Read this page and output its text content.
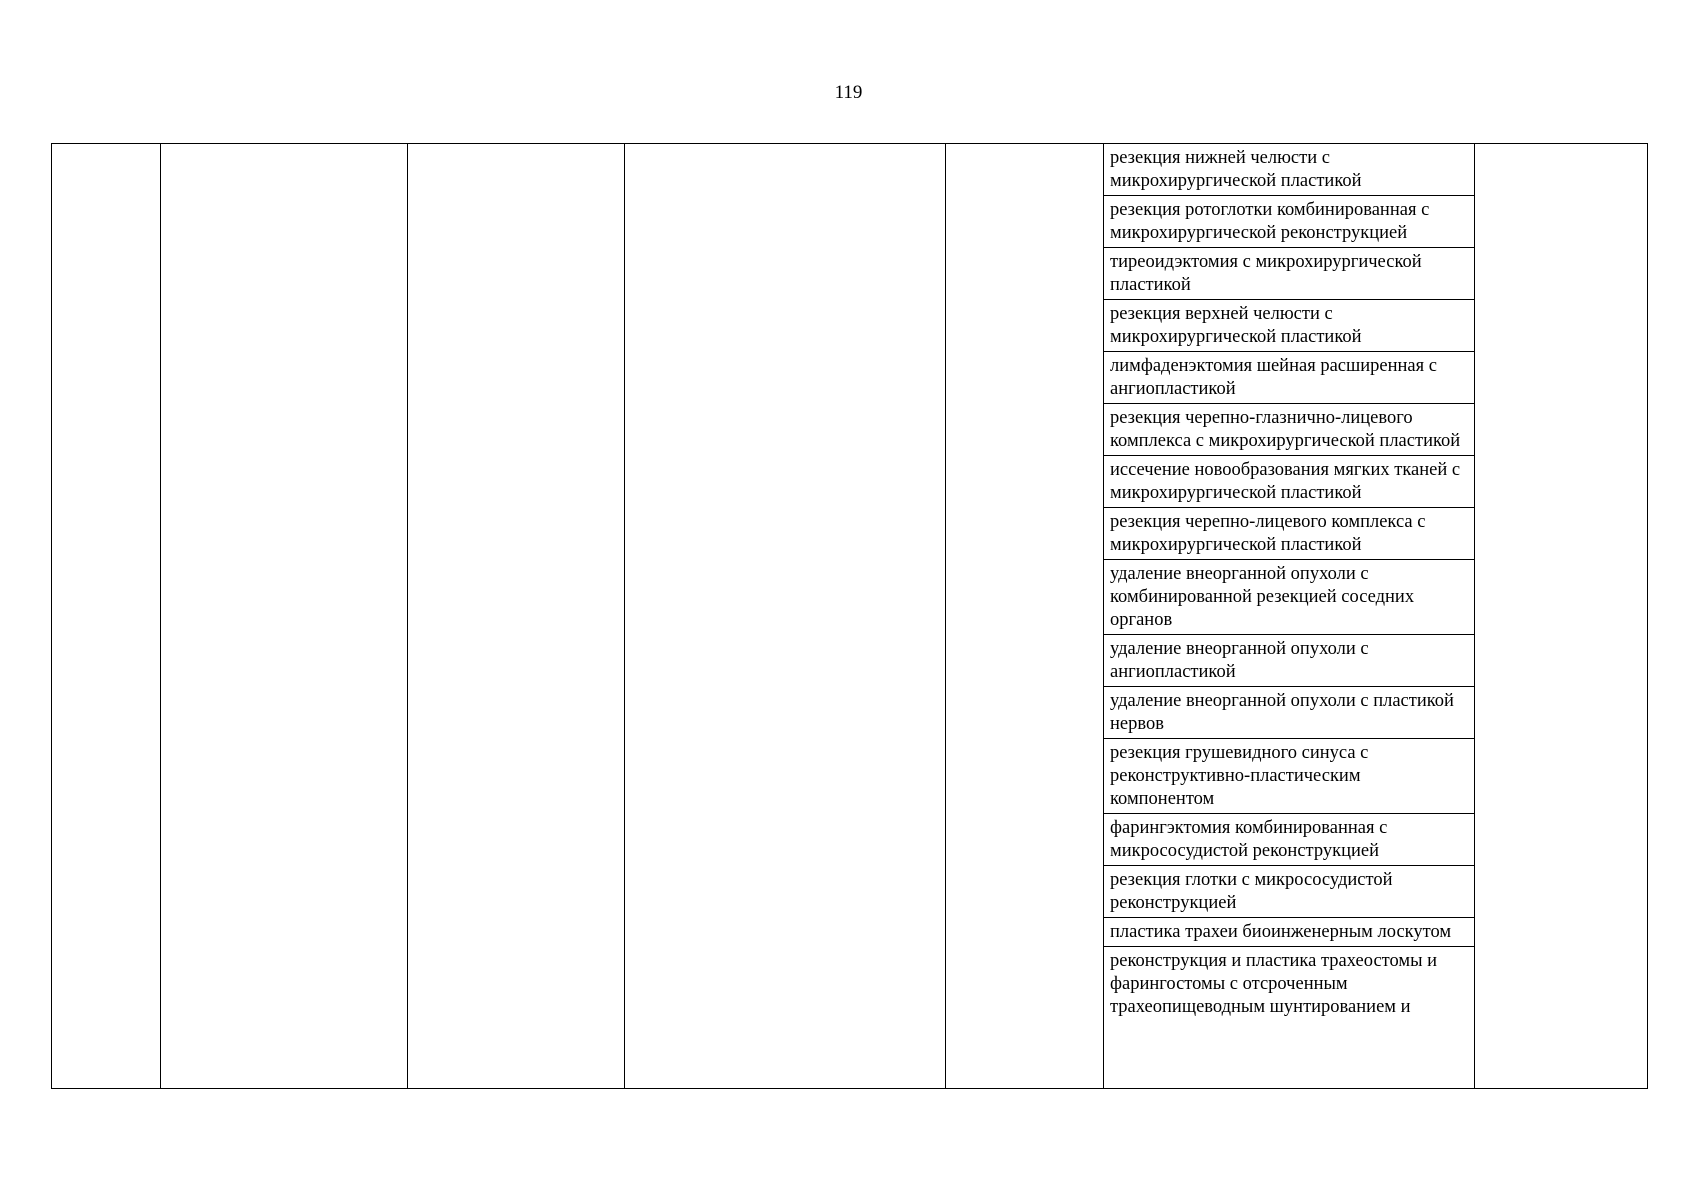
119

резекция нижней челюсти с микрохирургической пластикой
резекция ротоглотки комбинированная с микрохирургической реконструкцией
тиреоидэктомия с микрохирургической пластикой
резекция верхней челюсти с микрохирургической пластикой
лимфаденэктомия шейная расширенная с ангиопластикой
резекция черепно-глазнично-лицевого комплекса с микрохирургической пластикой
иссечение новообразования мягких тканей с микрохирургической пластикой
резекция черепно-лицевого комплекса с микрохирургической пластикой
удаление внеорганной опухоли с комбинированной резекцией соседних органов
удаление внеорганной опухоли с ангиопластикой
удаление внеорганной опухоли с пластикой нервов
резекция грушевидного синуса с реконструктивно-пластическим компонентом
фарингэктомия комбинированная с микрососудистой реконструкцией
резекция глотки с микрососудистой реконструкцией
пластика трахеи биоинженерным лоскутом
реконструкция и пластика трахеостомы и фарингостомы с отсроченным трахеопищеводным шунтированием и
